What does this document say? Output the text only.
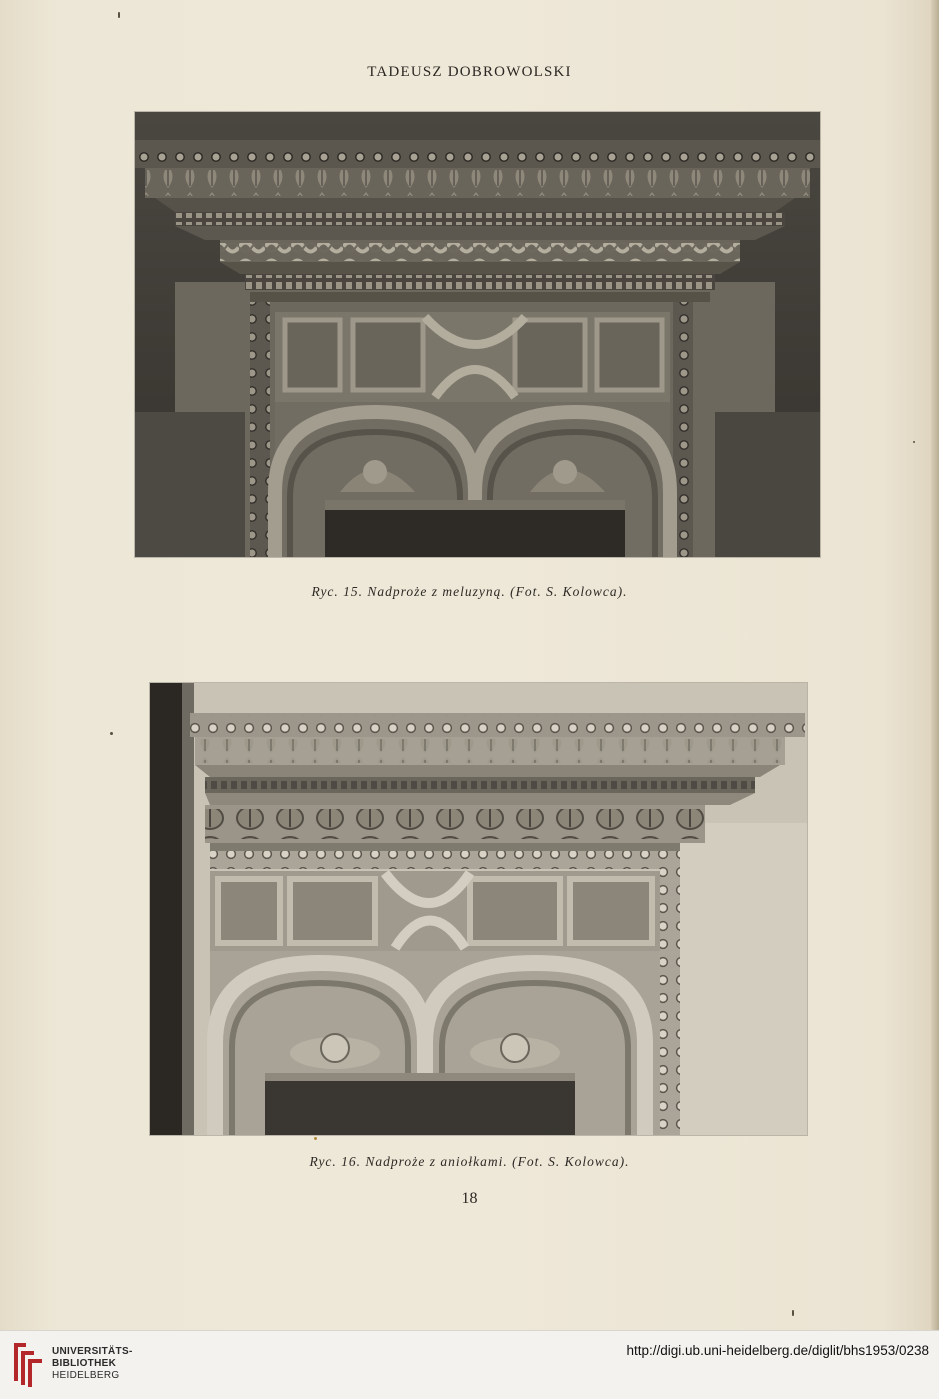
TADEUSZ DOBROWOLSKI
Ryc. 15. Nadproże z meluzyną. (Fot. S. Kolowca).
Ryc. 16. Nadproże z aniołkami. (Fot. S. Kolowca).
18
UNIVERSITÄTS-
BIBLIOTHEK
HEIDELBERG
http://digi.ub.uni-heidelberg.de/diglit/bhs1953/0238
